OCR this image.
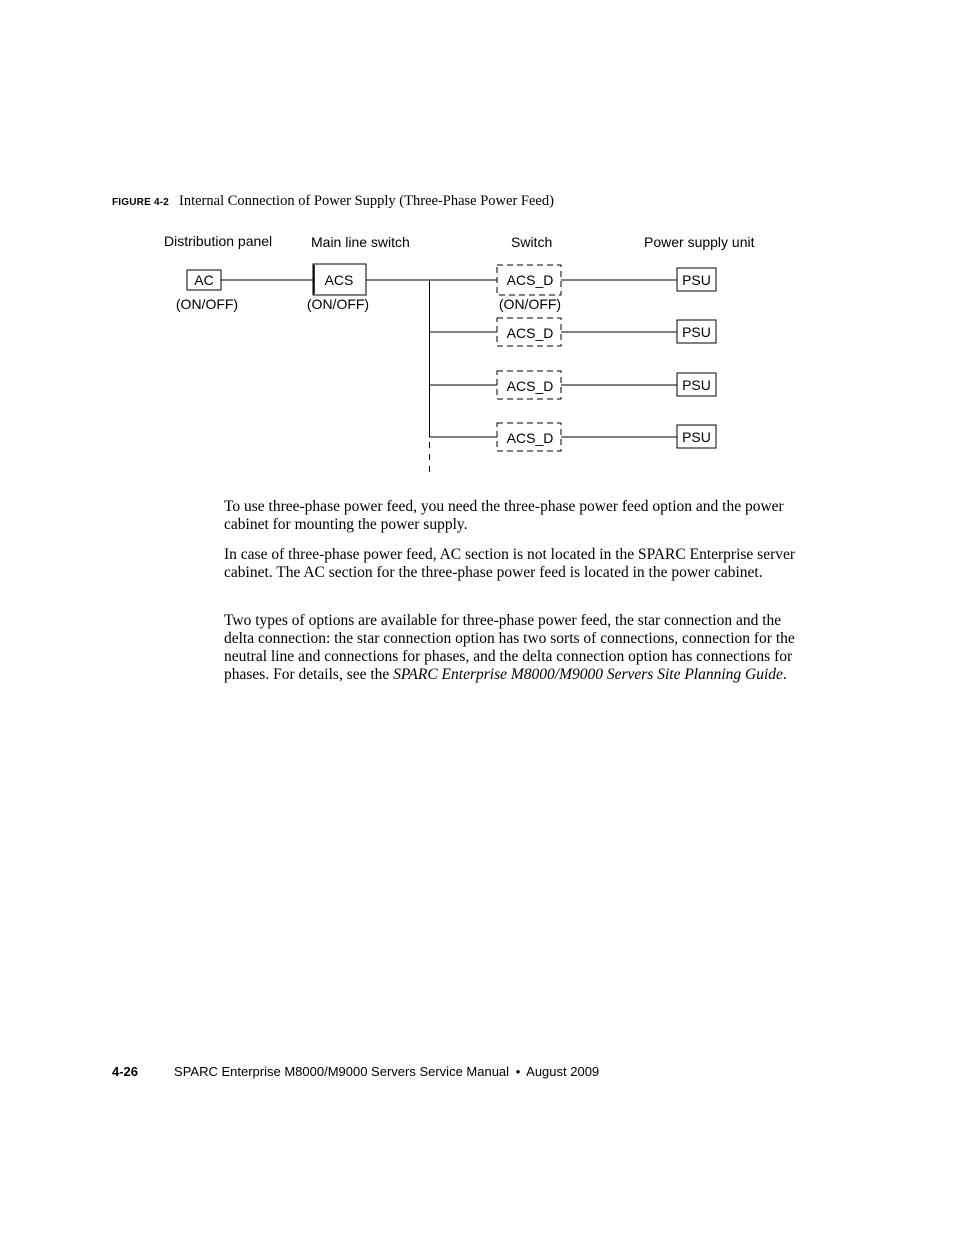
FIGURE 4-2 Internal Connection of Power Supply (Three-Phase Power Feed)
Distribution panel	Main line switch	Switch	Power supply unit
AC
(ON/OFF)
ACS
(ON/OFF)
ACS_D	PSU
(ON/OFF)
ACS_D	PSU
ACS_D	PSU
ACS_D	PSU

To use three-phase power feed, you need the three-phase power feed option and the power cabinet for mounting the power supply.

In case of three-phase power feed, AC section is not located in the SPARC Enterprise server cabinet. The AC section for the three-phase power feed is located in the power cabinet.

Two types of options are available for three-phase power feed, the star connection and the delta connection: the star connection option has two sorts of connections, connection for the neutral line and connections for phases, and the delta connection option has connections for phases. For details, see the SPARC Enterprise M8000/M9000 Servers Site Planning Guide.

4-26	SPARC Enterprise M8000/M9000 Servers Service Manual • August 2009
